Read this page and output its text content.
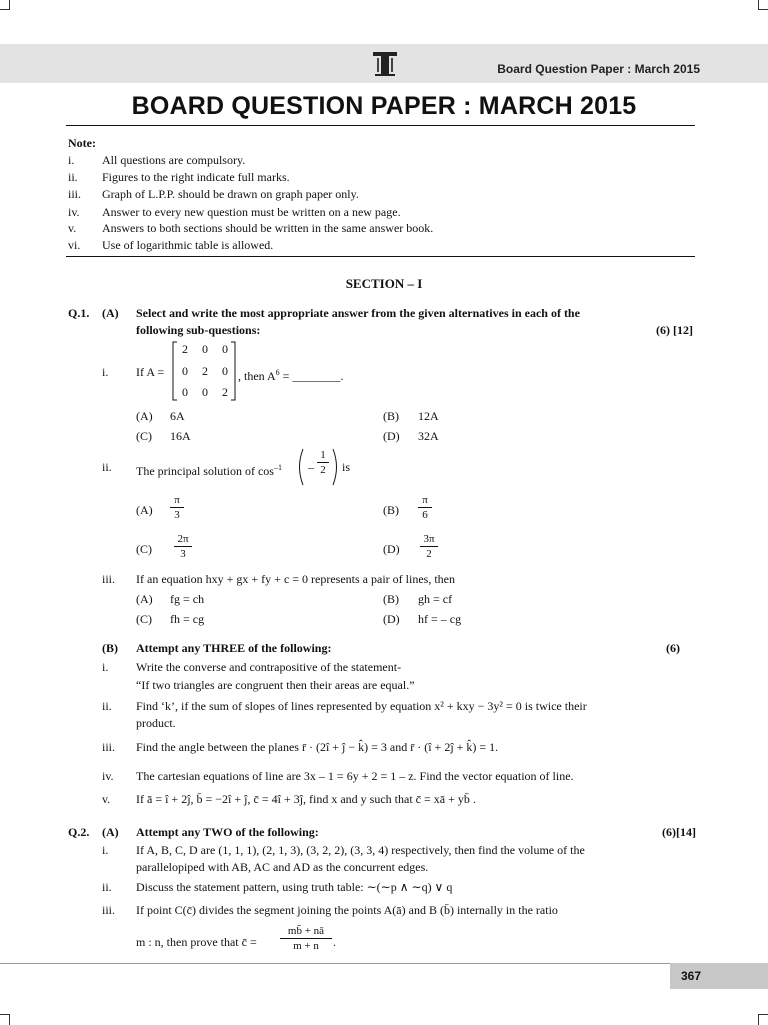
Board Question Paper : March 2015
BOARD QUESTION PAPER : MARCH 2015
Note:
i. All questions are compulsory.
ii. Figures to the right indicate full marks.
iii. Graph of L.P.P. should be drawn on graph paper only.
iv. Answer to every new question must be written on a new page.
v. Answers to both sections should be written in the same answer book.
vi. Use of logarithmic table is allowed.
SECTION – I
Q.1. (A) Select and write the most appropriate answer from the given alternatives in each of the
following sub-questions:	(6) [12]
i. If A =
2 0 0
0 2 0
0 0 2
, then $A^6$ = ________.
(A) 6A	(B) 12A
(C) 16A	(D) 32A
ii. The principal solution of $\cos^{-1}$ –
1
2 is
(A)
π
3	(B)
π
6
(C)
2π
3	(D)
3π
2
iii. If an equation hxy + gx + fy + c = 0 represents a pair of lines, then
(A) fg = ch	(B) gh = cf
(C) fh = cg	(D) hf = – cg
(B) Attempt any THREE of the following:	(6)
i. Write the converse and contrapositive of the statement-
“If two triangles are congruent then their areas are equal.”
ii. Find ‘k’, if the sum of slopes of lines represented by equation x² + kxy − 3y² = 0 is twice their
product.
iii. Find the angle between the planes r̄ · (2î + ĵ − k̂) = 3 and r̄ · (î + 2ĵ + k̂) = 1.
iv. The cartesian equations of line are 3x – 1 = 6y + 2 = 1 – z. Find the vector equation of line.
v. If ā = î + 2ĵ, b̄ = −2î + ĵ, c̄ = 4î + 3ĵ, find x and y such that c̄ = xā + yb̄ .
Q.2. (A) Attempt any TWO of the following:	(6)[14]
i. If A, B, C, D are (1, 1, 1), (2, 1, 3), (3, 2, 2), (3, 3, 4) respectively, then find the volume of the
parallelopiped with AB, AC and AD as the concurrent edges.
ii. Discuss the statement pattern, using truth table: ∼(∼p ∧ ∼q) ∨ q
iii. If point C(c̄) divides the segment joining the points A(ā) and B (b̄) internally in the ratio
m : n, then prove that c̄ =
mb̄ + nā
m + n	.
367
